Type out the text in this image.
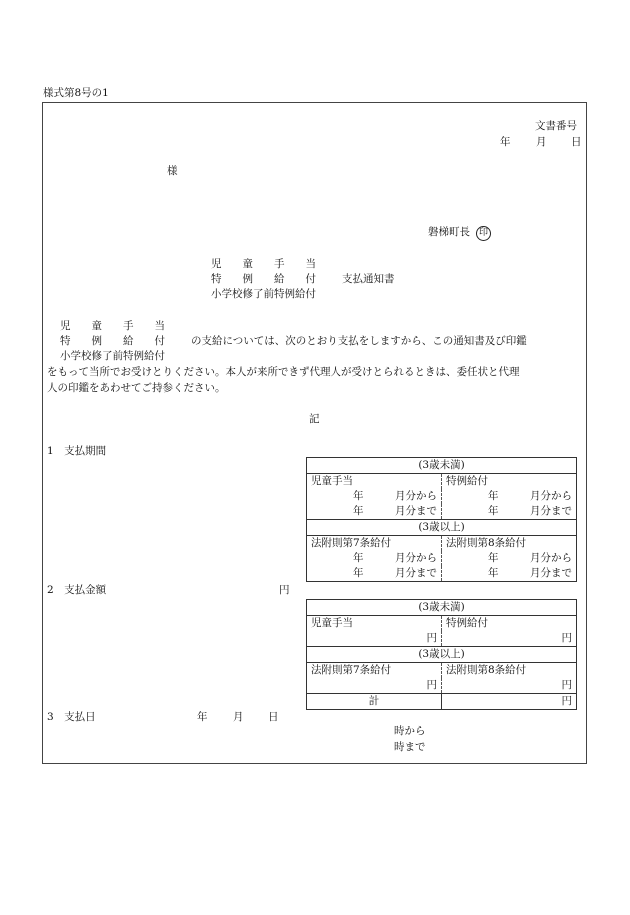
様式第8号の1
文書番号
年 月 日
様
磐梯町長 印
児　　童　　手　　当
特　　例　　給　　付 支払通知書
小学校修了前特例給付
児　　童　　手　　当
特　　例　　給　　付 の支給については、次のとおり支払をしますから、この通知書及び印鑑
小学校修了前特例給付
をもって当所でお受けとりください。本人が来所できず代理人が受けとられるときは、委任状と代理
人の印鑑をあわせてご持参ください。
記
1　支払期間
(3歳未満)	
児童手当	特例給付

年 月分から	年 月分から

年 月分まで	年 月分まで

(3歳以上)	
法附則第7条給付	法附則第8条給付

年 月分から	年 月分から

年 月分まで	年 月分まで
2　支払金額	円
(3歳未満)	
児童手当	特例給付
円	円
(3歳以上)	
法附則第7条給付	法附則第8条給付
円	円
計	円
3　支払日	年 月 日
時から
時まで
